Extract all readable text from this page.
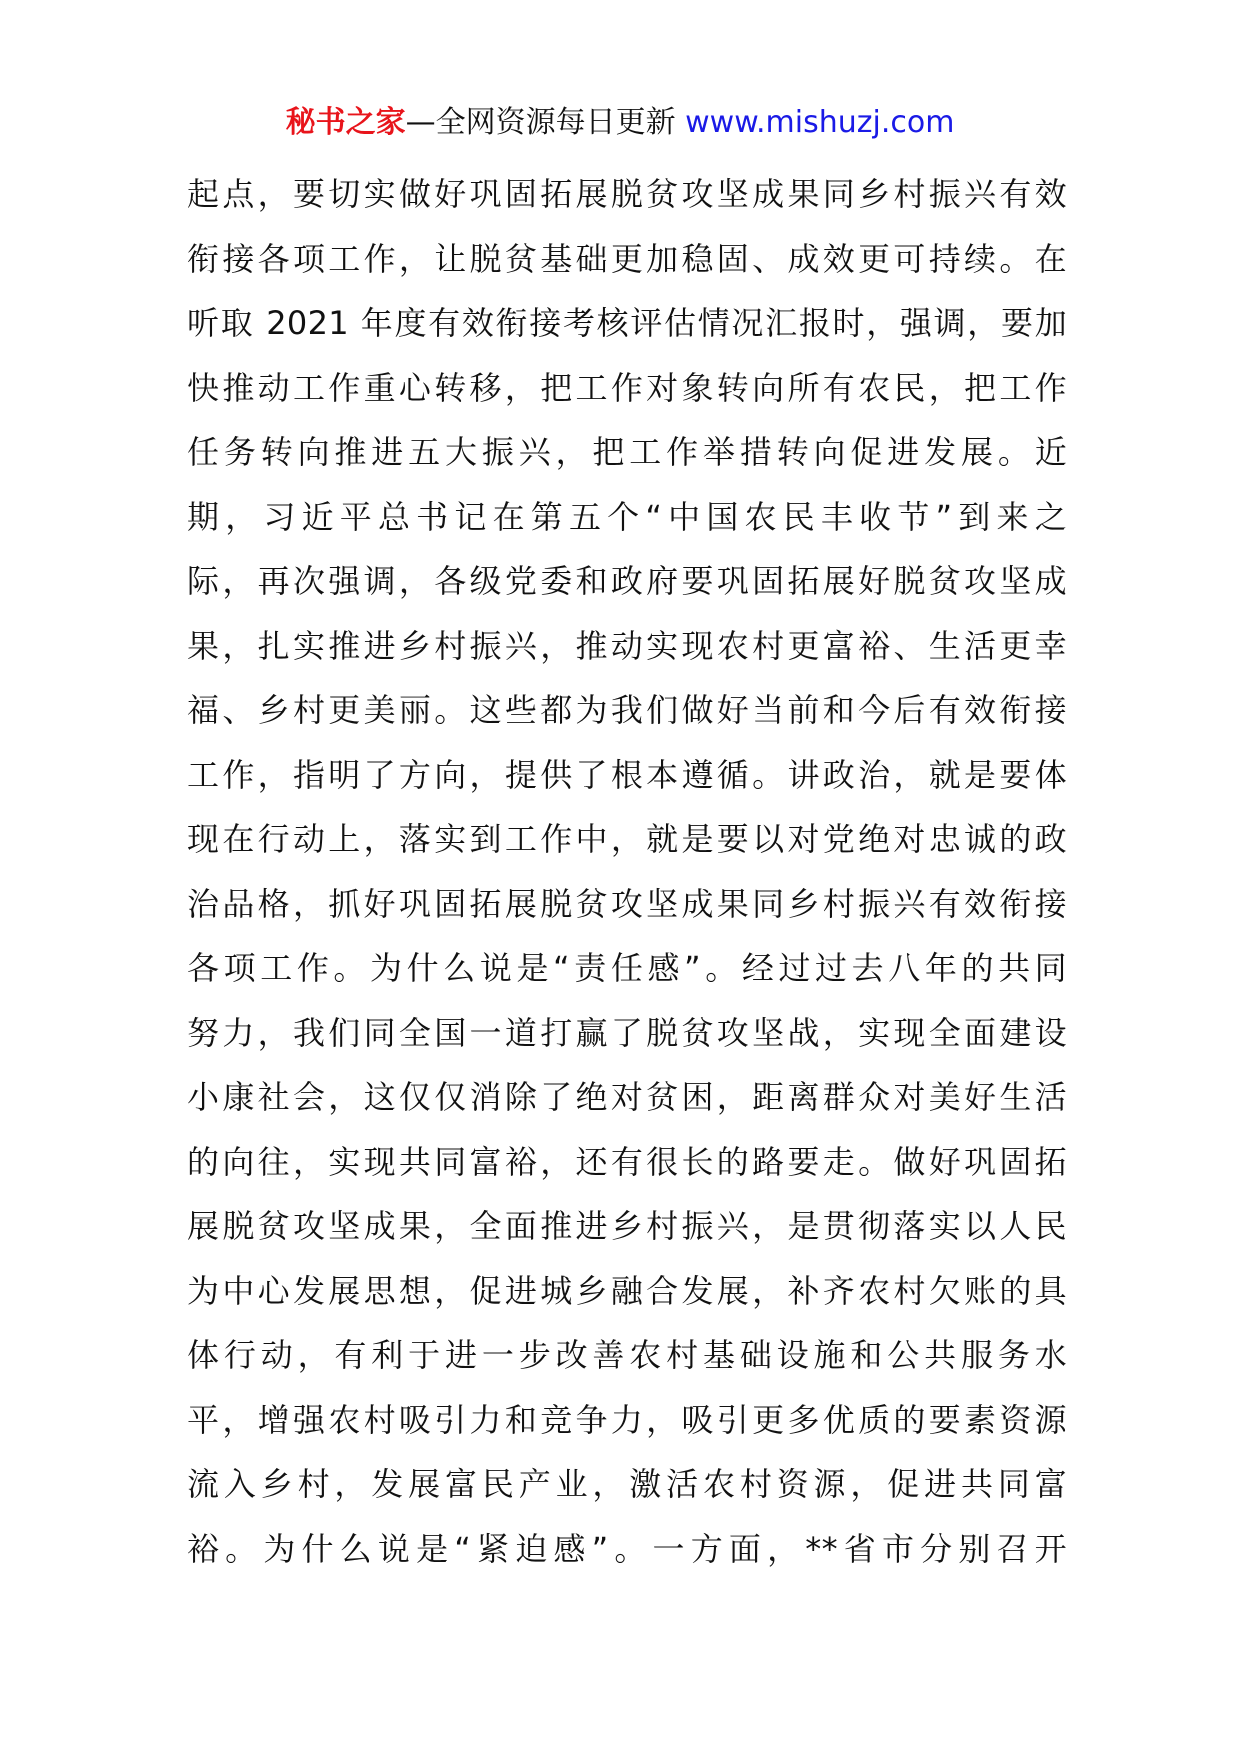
秘书之家—全网资源每日更新 www.mishuzj.com
起点，要切实做好巩固拓展脱贫攻坚成果同乡村振兴有效
衔接各项工作，让脱贫基础更加稳固、成效更可持续。在
听取 2021 年度有效衔接考核评估情况汇报时，强调，要加
快推动工作重心转移，把工作对象转向所有农民，把工作
任务转向推进五大振兴，把工作举措转向促进发展。近
期，习近平总书记在第五个“中国农民丰收节”到来之
际，再次强调，各级党委和政府要巩固拓展好脱贫攻坚成
果，扎实推进乡村振兴，推动实现农村更富裕、生活更幸
福、乡村更美丽。这些都为我们做好当前和今后有效衔接
工作，指明了方向，提供了根本遵循。讲政治，就是要体
现在行动上，落实到工作中，就是要以对党绝对忠诚的政
治品格，抓好巩固拓展脱贫攻坚成果同乡村振兴有效衔接
各项工作。为什么说是“责任感”。经过过去八年的共同
努力，我们同全国一道打赢了脱贫攻坚战，实现全面建设
小康社会，这仅仅消除了绝对贫困，距离群众对美好生活
的向往，实现共同富裕，还有很长的路要走。做好巩固拓
展脱贫攻坚成果，全面推进乡村振兴，是贯彻落实以人民
为中心发展思想，促进城乡融合发展，补齐农村欠账的具
体行动，有利于进一步改善农村基础设施和公共服务水
平，增强农村吸引力和竞争力，吸引更多优质的要素资源
流入乡村，发展富民产业，激活农村资源，促进共同富
裕。为什么说是“紧迫感”。一方面，**省市分别召开
